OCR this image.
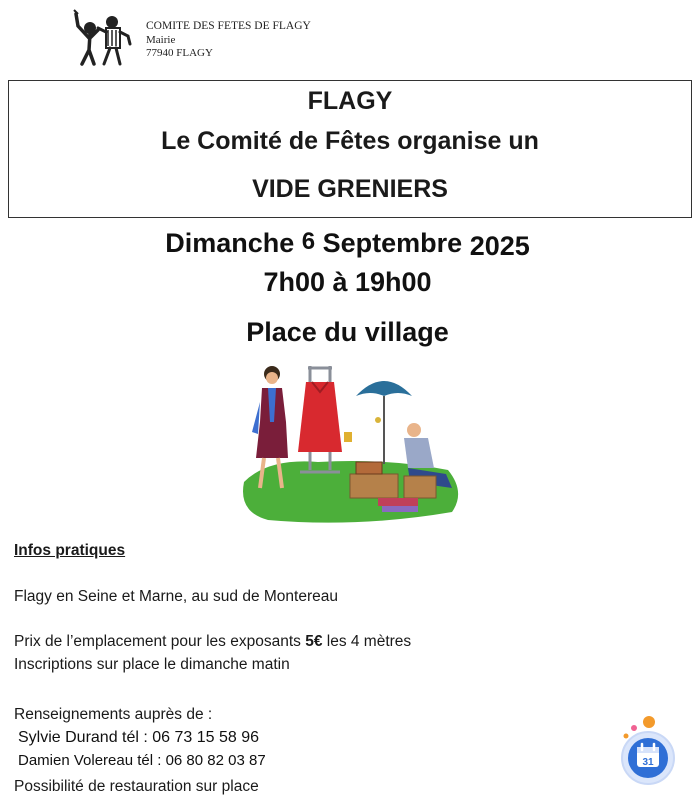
COMITE DES FETES DE FLAGY
Mairie
77940 FLAGY
FLAGY
Le Comité de Fêtes organise un
VIDE GRENIERS
Dimanche 6 Septembre 2025
7h00 à 19h00
Place du village
Infos pratiques
Flagy en Seine et Marne, au sud de Montereau
Prix de l’emplacement pour les exposants 5€ les 4 mètres
Inscriptions sur place le dimanche matin
Renseignements auprès de :
Sylvie Durand tél : 06 73 15 58 96
Damien Volereau tél : 06 80 82 03 87
Possibilité de restauration sur place
31
